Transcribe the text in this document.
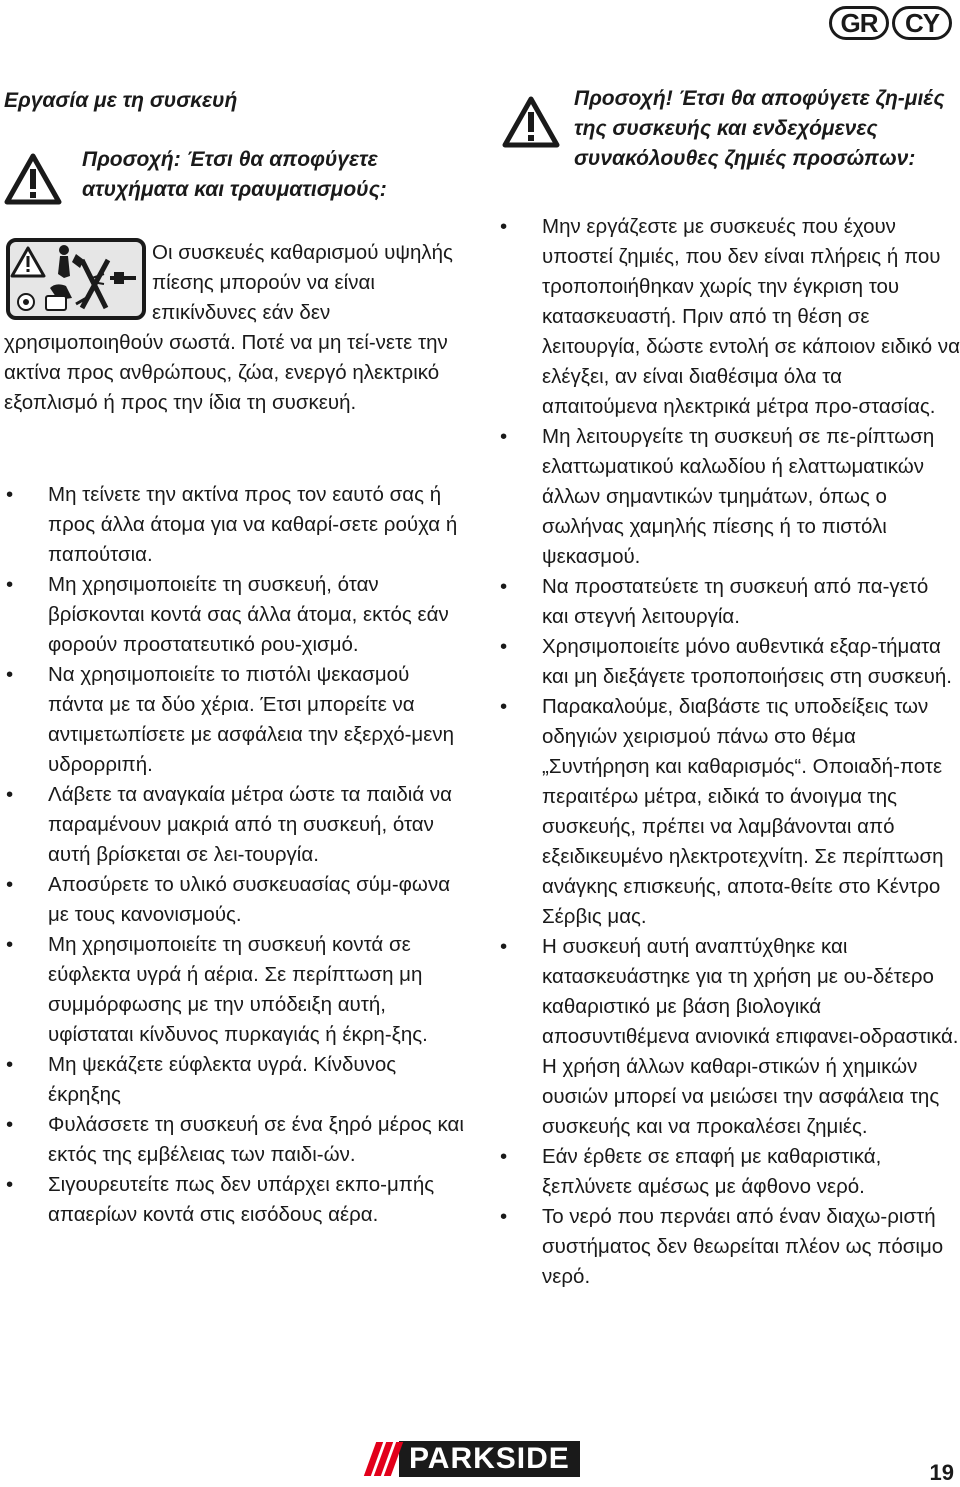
GR	CY
Εργασία με τη συσκευή
Προσοχή: Έτσι θα αποφύγετε ατυχήματα και τραυματισμούς:

Οι συσκευές καθαρισμού υψηλής πίεσης μπορούν να είναι επικίνδυνες εάν δεν χρησιμοποιηθούν σωστά. Ποτέ να μη τεί-νετε την ακτίνα προς ανθρώπους, ζώα, ενεργό ηλεκτρικό εξοπλισμό ή προς την ίδια τη συσκευή.

• Μη τείνετε την ακτίνα προς τον εαυτό σας ή προς άλλα άτομα για να καθαρί-σετε ρούχα ή παπούτσια.
• Μη χρησιμοποιείτε τη συσκευή, όταν βρίσκονται κοντά σας άλλα άτομα, εκτός εάν φορούν προστατευτικό ρου-χισμό.
• Να χρησιμοποιείτε το πιστόλι ψεκασμού πάντα με τα δύο χέρια. Έτσι μπορείτε να αντιμετωπίσετε με ασφάλεια την εξερχό-μενη υδρορριπή.
• Λάβετε τα αναγκαία μέτρα ώστε τα παιδιά να παραμένουν μακριά από τη συσκευή, όταν αυτή βρίσκεται σε λει-τουργία.
• Αποσύρετε το υλικό συσκευασίας σύμ-φωνα με τους κανονισμούς.
• Μη χρησιμοποιείτε τη συσκευή κοντά σε εύφλεκτα υγρά ή αέρια. Σε περίπτωση μη συμμόρφωσης με την υπόδειξη αυτή, υφίσταται κίνδυνος πυρκαγιάς ή έκρη-ξης.
• Μη ψεκάζετε εύφλεκτα υγρά. Κίνδυνος έκρηξης
• Φυλάσσετε τη συσκευή σε ένα ξηρό μέρος και εκτός της εμβέλειας των παιδι-ών.
• Σιγουρευτείτε πως δεν υπάρχει εκπο-μπής απαερίων κοντά στις εισόδους αέρα.
Προσοχή! Έτσι θα αποφύγετε ζη-μιές της συσκευής και ενδεχόμενες συνακόλουθες ζημιές προσώπων:
• Μην εργάζεστε με συσκευές που έχουν υποστεί ζημιές, που δεν είναι πλήρεις ή που τροποποιήθηκαν χωρίς την έγκριση του κατασκευαστή. Πριν από τη θέση σε λειτουργία, δώστε εντολή σε κάποιον ειδικό να ελέγξει, αν είναι διαθέσιμα όλα τα απαιτούμενα ηλεκτρικά μέτρα προ-στασίας.
• Μη λειτουργείτε τη συσκευή σε πε-ρίπτωση ελαττωματικού καλωδίου ή ελαττωματικών άλλων σημαντικών τμημάτων, όπως ο σωλήνας χαμηλής πίεσης ή το πιστόλι ψεκασμού.
• Να προστατεύετε τη συσκευή από πα-γετό και στεγνή λειτουργία.
• Χρησιμοποιείτε μόνο αυθεντικά εξαρ-τήματα και μη διεξάγετε τροποποιήσεις στη συσκευή.
• Παρακαλούμε, διαβάστε τις υποδείξεις των οδηγιών χειρισμού πάνω στο θέμα „Συντήρηση και καθαρισμός“. Οποιαδή-ποτε περαιτέρω μέτρα, ειδικά το άνοιγμα της συσκευής, πρέπει να λαμβάνονται από εξειδικευμένο ηλεκτροτεχνίτη. Σε περίπτωση ανάγκης επισκευής, αποτα-θείτε στο Κέντρο Σέρβις μας.
• Η συσκευή αυτή αναπτύχθηκε και κατασκευάστηκε για τη χρήση με ου-δέτερο καθαριστικό με βάση βιολογικά αποσυντιθέμενα ανιονικά επιφανει-οδραστικά. Η χρήση άλλων καθαρι-στικών ή χημικών ουσιών μπορεί να μειώσει την ασφάλεια της συσκευής και να προκαλέσει ζημιές.
• Εάν έρθετε σε επαφή με καθαριστικά, ξεπλύνετε αμέσως με άφθονο νερό.
• Το νερό που περνάει από έναν διαχω-ριστή συστήματος δεν θεωρείται πλέον ως πόσιμο νερό.
PARKSIDE	19
